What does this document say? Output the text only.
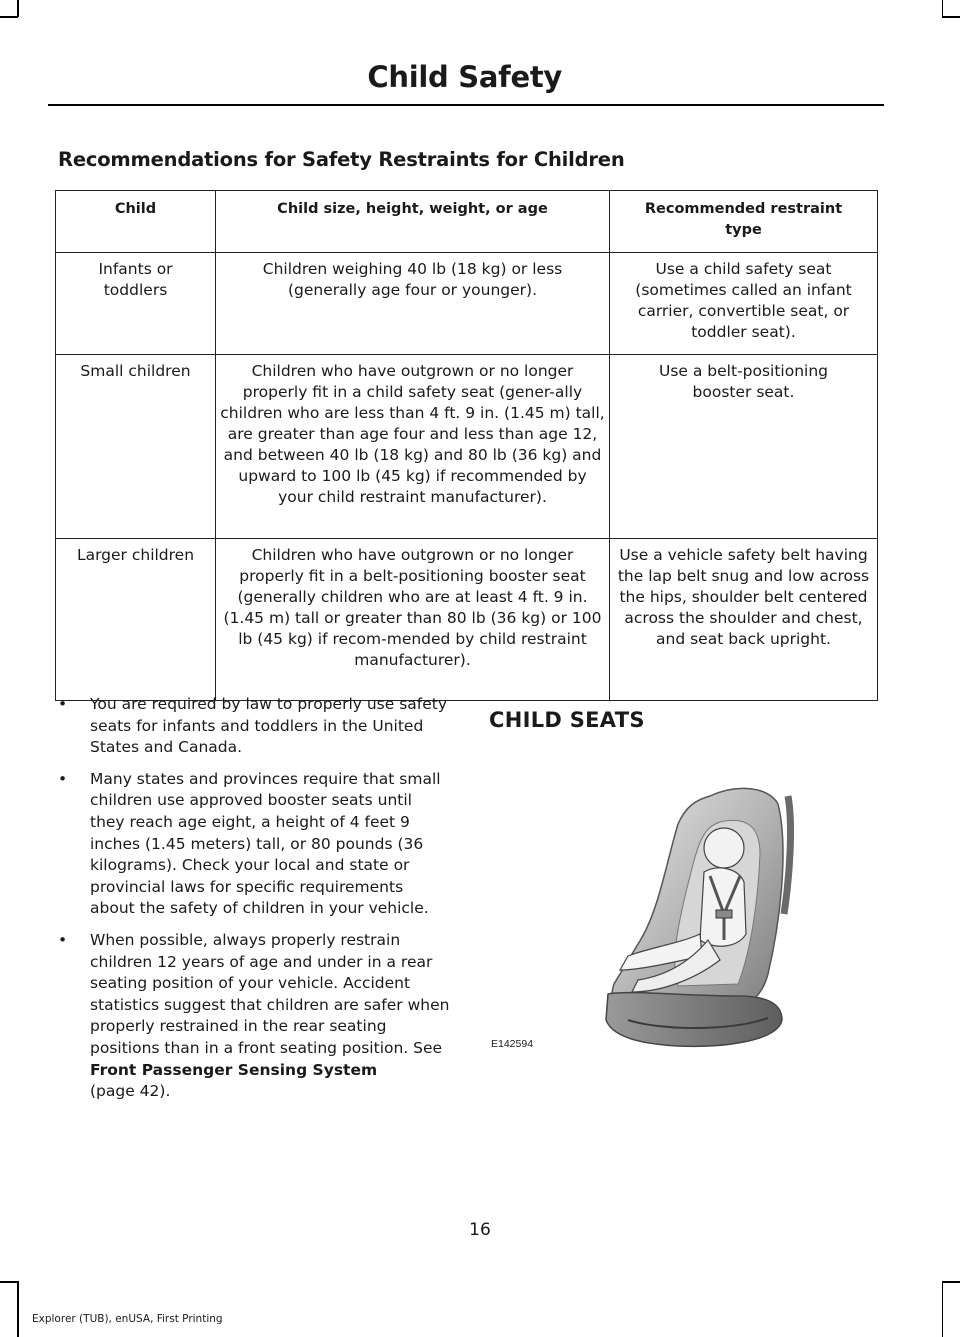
Child Safety
Recommendations for Safety Restraints for Children
Child	Child size, height, weight, or age	Recommended restraint type
Infants or toddlers	Children weighing 40 lb (18 kg) or less (generally age four or younger).	Use a child safety seat (sometimes called an infant carrier, convertible seat, or toddler seat).
Small children	Children who have outgrown or no longer properly fit in a child safety seat (gener-ally children who are less than 4 ft. 9 in. (1.45 m) tall, are greater than age four and less than age 12, and between 40 lb (18 kg) and 80 lb (36 kg) and upward to 100 lb (45 kg) if recommended by your child restraint manufacturer).	Use a belt-positioning booster seat.
Larger children	Children who have outgrown or no longer properly fit in a belt-positioning booster seat (generally children who are at least 4 ft. 9 in. (1.45 m) tall or greater than 80 lb (36 kg) or 100 lb (45 kg) if recom-mended by child restraint manufacturer).	Use a vehicle safety belt having the lap belt snug and low across the hips, shoulder belt centered across the shoulder and chest, and seat back upright.
• You are required by law to properly use safety seats for infants and toddlers in the United States and Canada.
• Many states and provinces require that small children use approved booster seats until they reach age eight, a height of 4 feet 9 inches (1.45 meters) tall, or 80 pounds (36 kilograms). Check your local and state or provincial laws for specific requirements about the safety of children in your vehicle.
• When possible, always properly restrain children 12 years of age and under in a rear seating position of your vehicle. Accident statistics suggest that children are safer when properly restrained in the rear seating positions than in a front seating position. See Front Passenger Sensing System
(page 42).
CHILD SEATS
E142594
16
Explorer (TUB), enUSA, First Printing
